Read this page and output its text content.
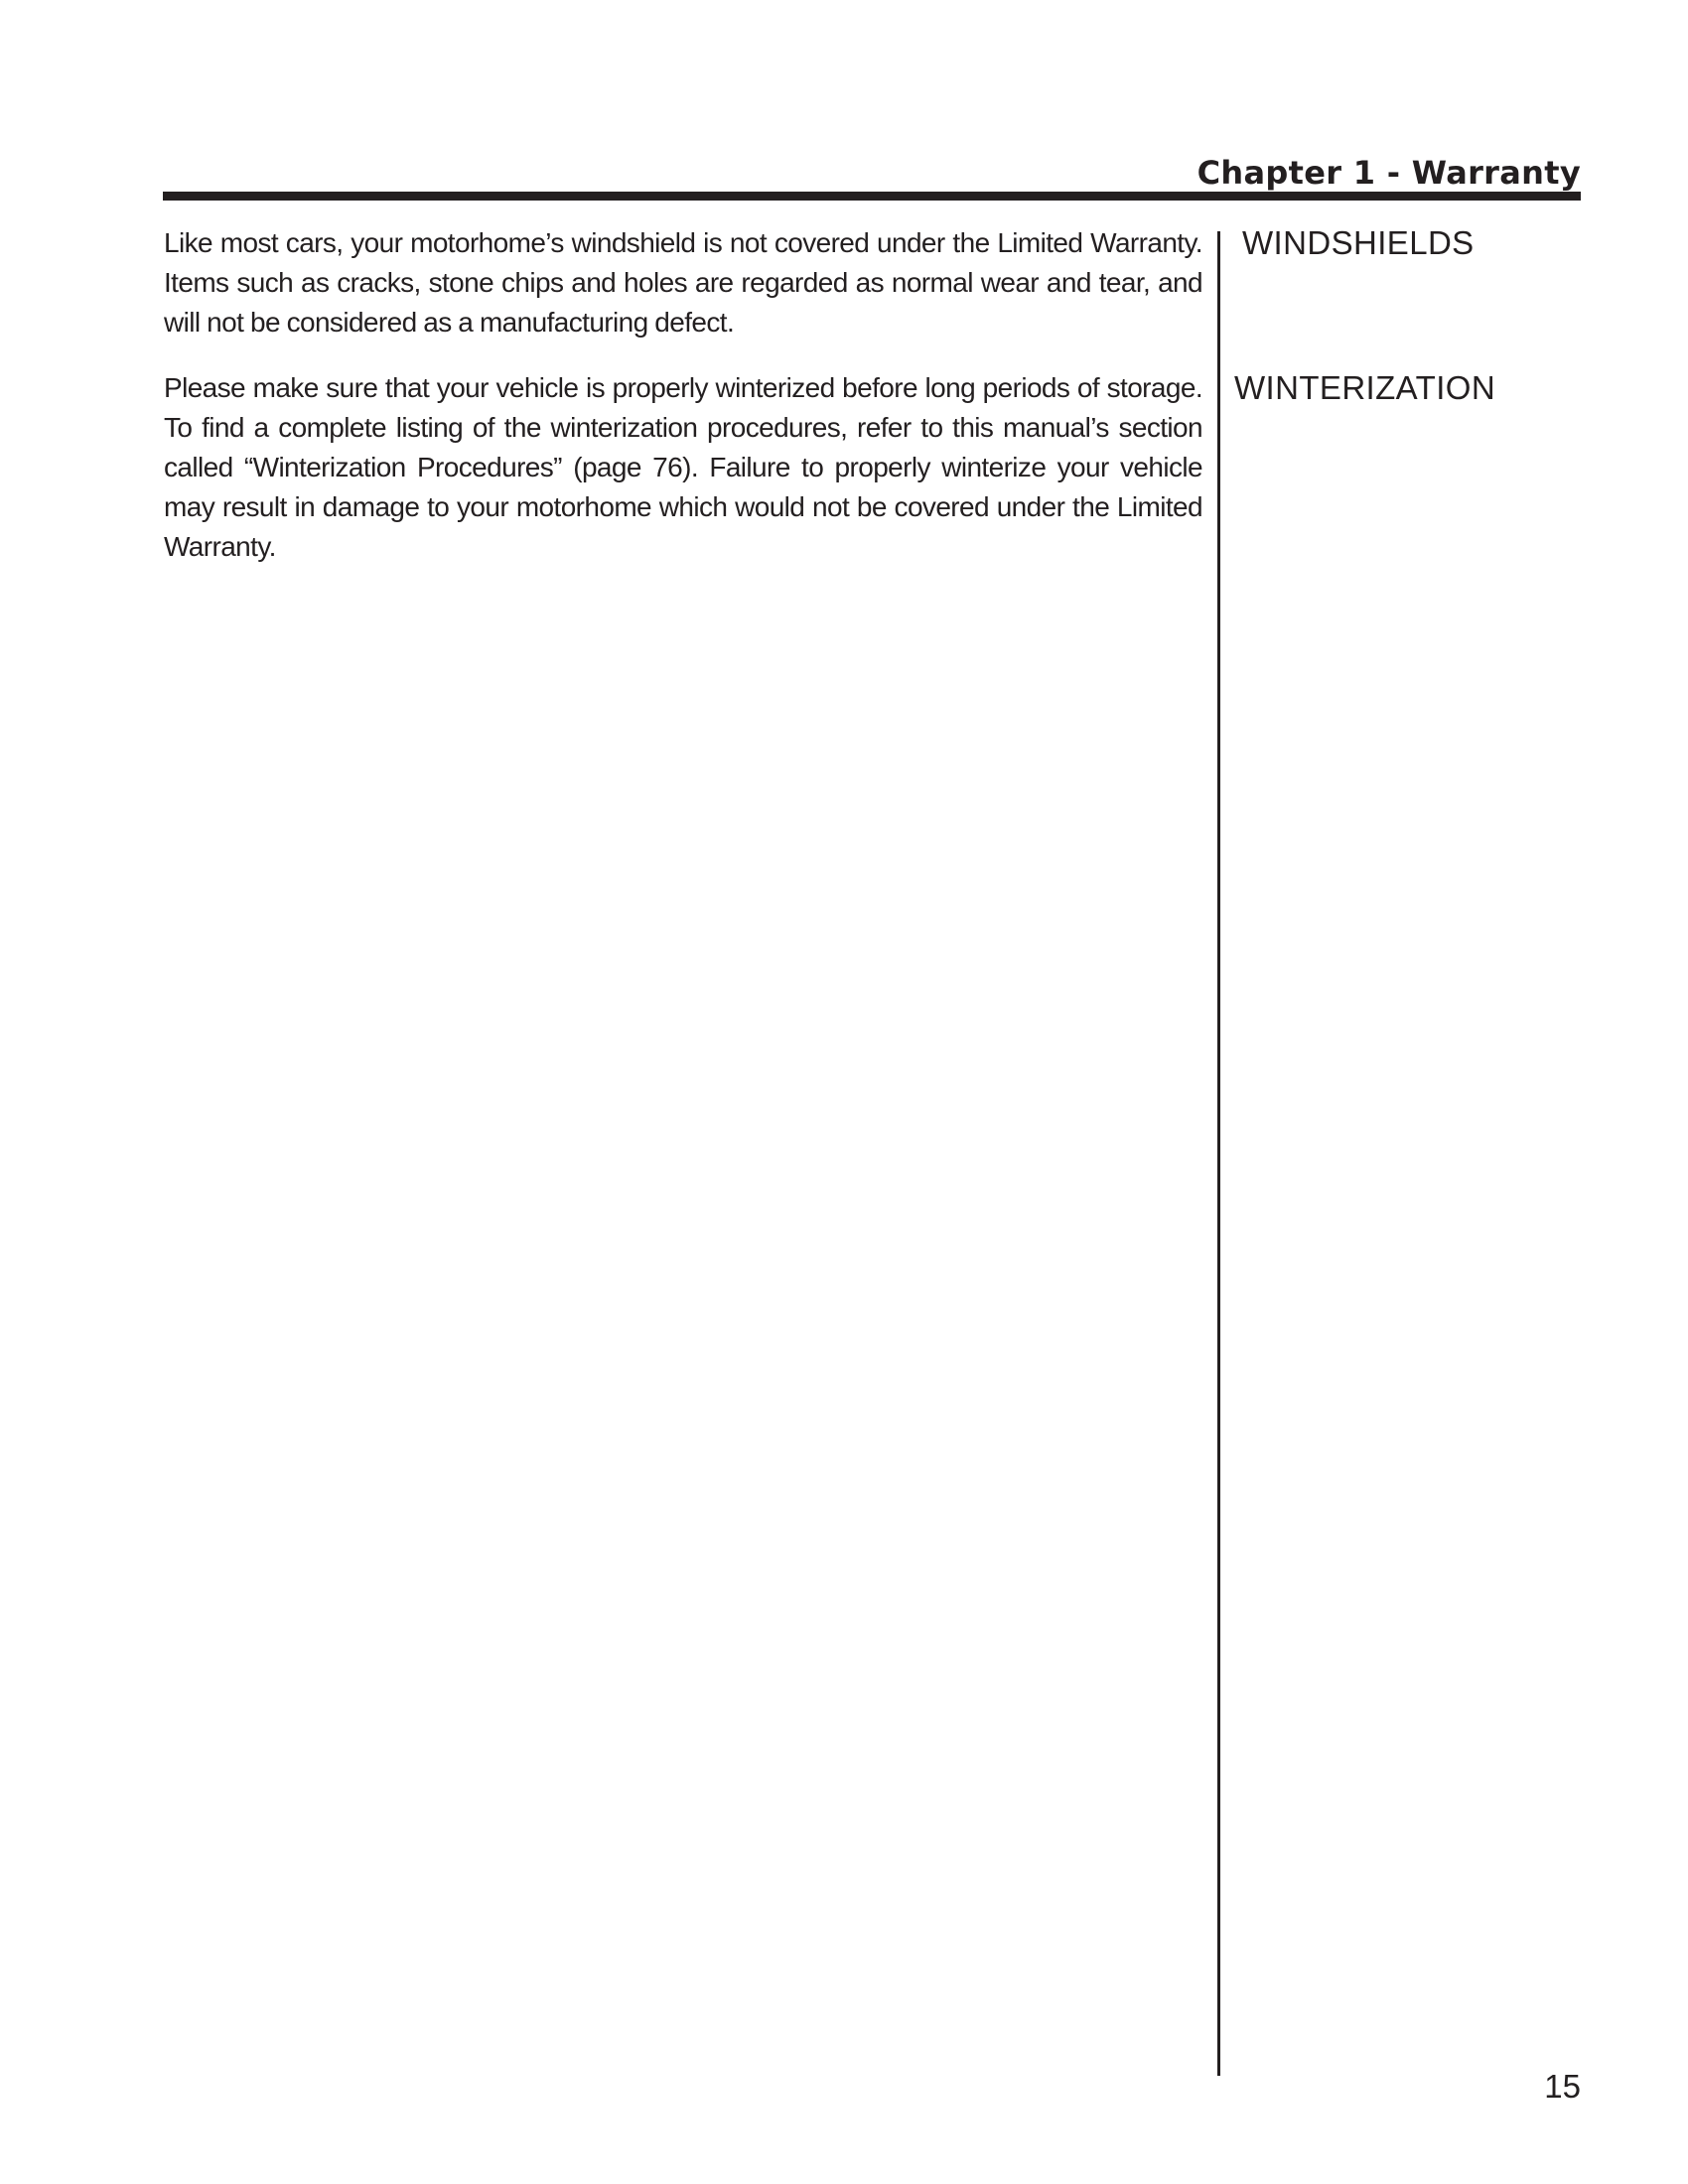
Chapter 1 - Warranty

Like most cars, your motorhome’s windshield is not covered under the Limited Warranty. Items such as cracks, stone chips and holes are regarded as normal wear and tear, and will not be considered as a manufacturing defect.

Please make sure that your vehicle is properly winterized before long periods of storage. To find a complete listing of the winterization procedures, refer to this manual’s section called “Winterization Procedures” (page 76). Failure to properly winterize your vehicle may result in damage to your motorhome which would not be covered under the Limited Warranty.

WINDSHIELDS
WINTERIZATION
15
